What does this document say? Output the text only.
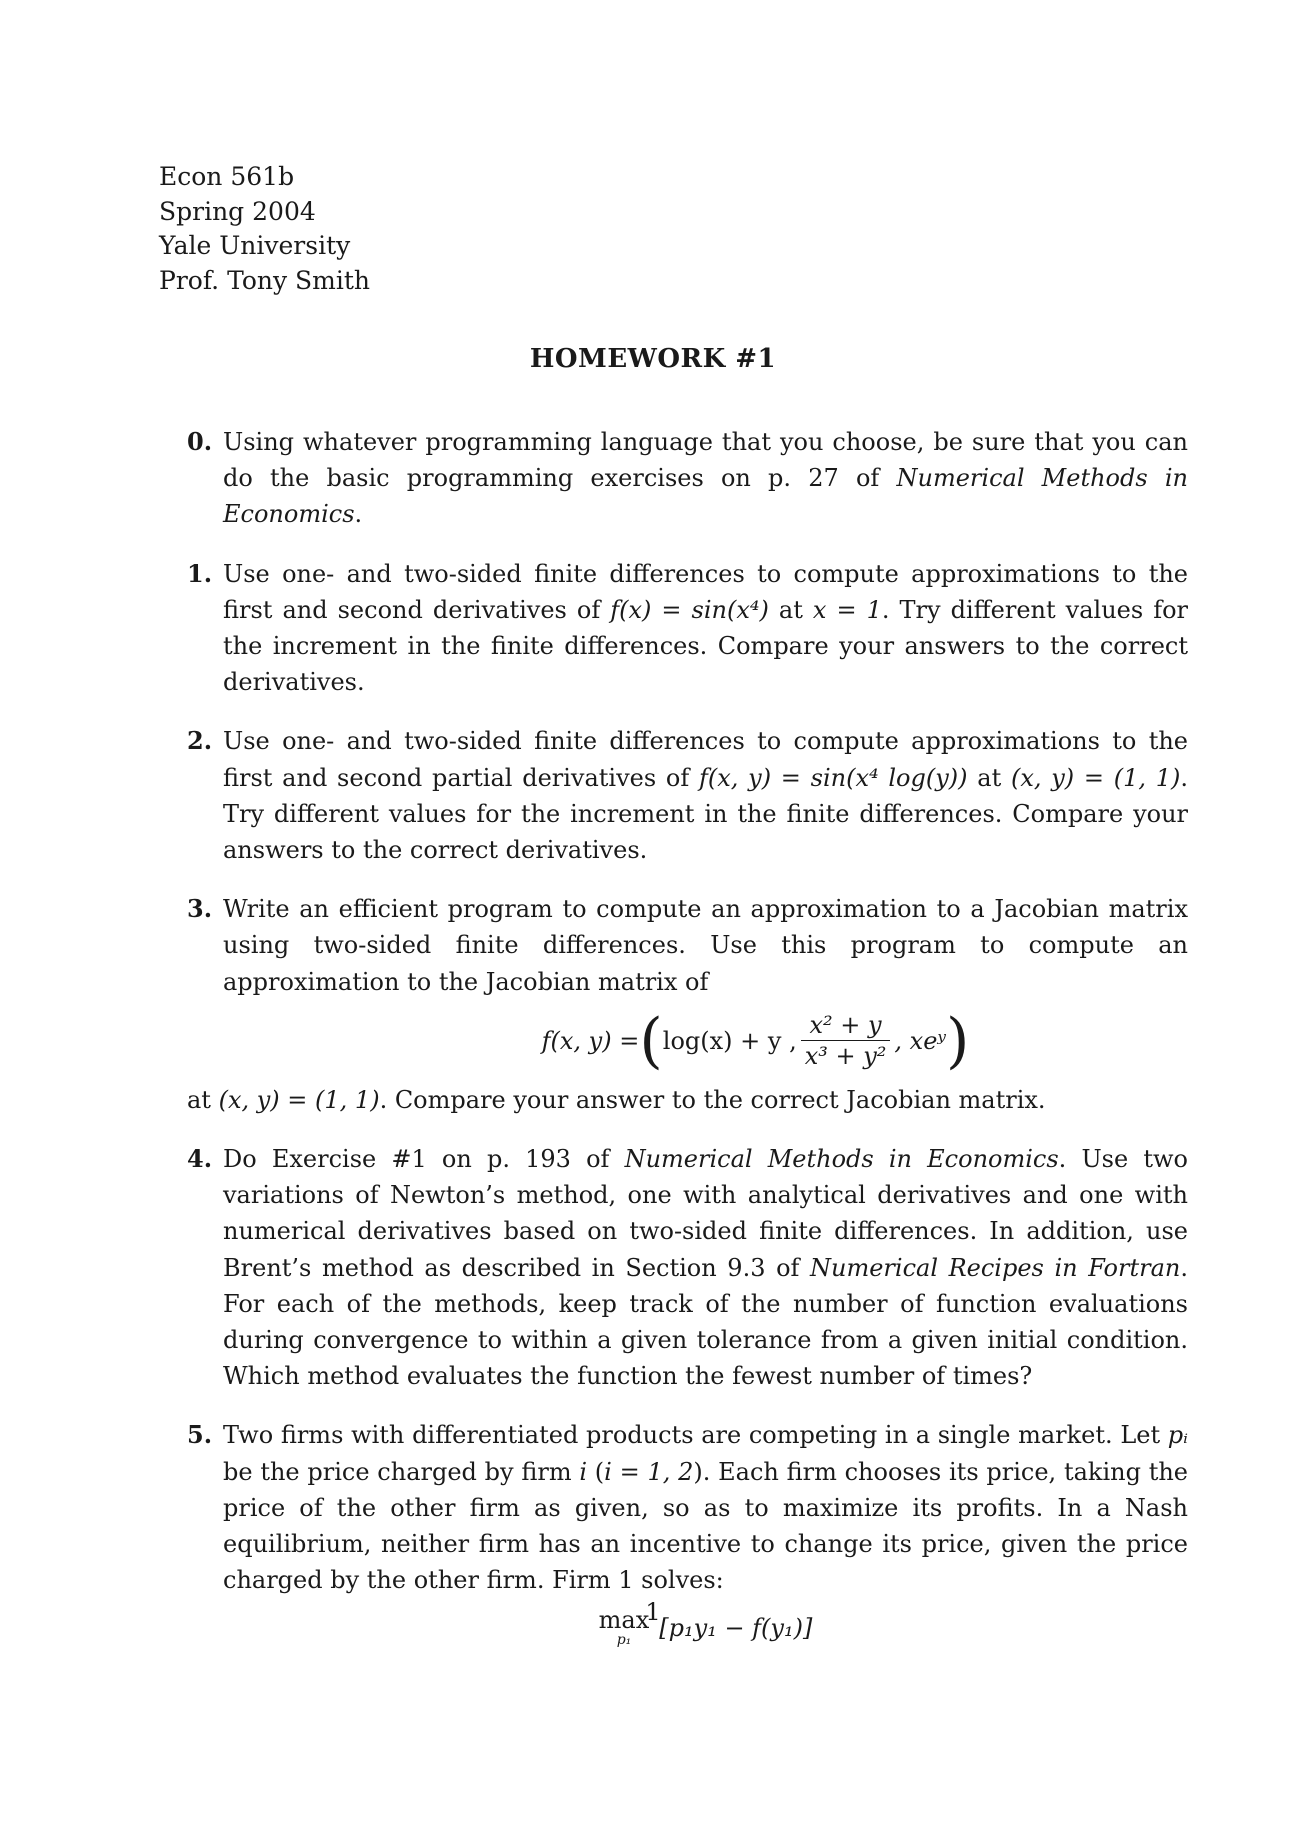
Econ 561b
Spring 2004
Yale University
Prof. Tony Smith
HOMEWORK #1
0. Using whatever programming language that you choose, be sure that you can do the basic programming exercises on p. 27 of Numerical Methods in Economics.
1. Use one- and two-sided finite differences to compute approximations to the first and second derivatives of f(x) = sin(x⁴) at x = 1. Try different values for the increment in the finite differences. Compare your answers to the correct derivatives.
2. Use one- and two-sided finite differences to compute approximations to the first and second partial derivatives of f(x, y) = sin(x⁴ log(y)) at (x, y) = (1, 1). Try different values for the increment in the finite differences. Compare your answers to the correct derivatives.
3. Write an efficient program to compute an approximation to a Jacobian matrix using two-sided finite differences. Use this program to compute an approximation to the Jacobian matrix of
f(x, y) = ( log(x) + y , $\frac{\text{x² + y}}{\text{x³ + y²}}$ , xeʸ )
at (x, y) = (1, 1). Compare your answer to the correct Jacobian matrix.
4. Do Exercise #1 on p. 193 of Numerical Methods in Economics. Use two variations of Newton’s method, one with analytical derivatives and one with numerical derivatives based on two-sided finite differences. In addition, use Brent’s method as described in Section 9.3 of Numerical Recipes in Fortran. For each of the methods, keep track of the number of function evaluations during convergence to within a given tolerance from a given initial condition. Which method evaluates the function the fewest number of times?
5. Two firms with differentiated products are competing in a single market. Let pᵢ be the price charged by firm i (i = 1, 2). Each firm chooses its price, taking the price of the other firm as given, so as to maximize its profits. In a Nash equilibrium, neither firm has an incentive to change its price, given the price charged by the other firm. Firm 1 solves:
max
p₁	[p₁y₁ − f(y₁)]
1
